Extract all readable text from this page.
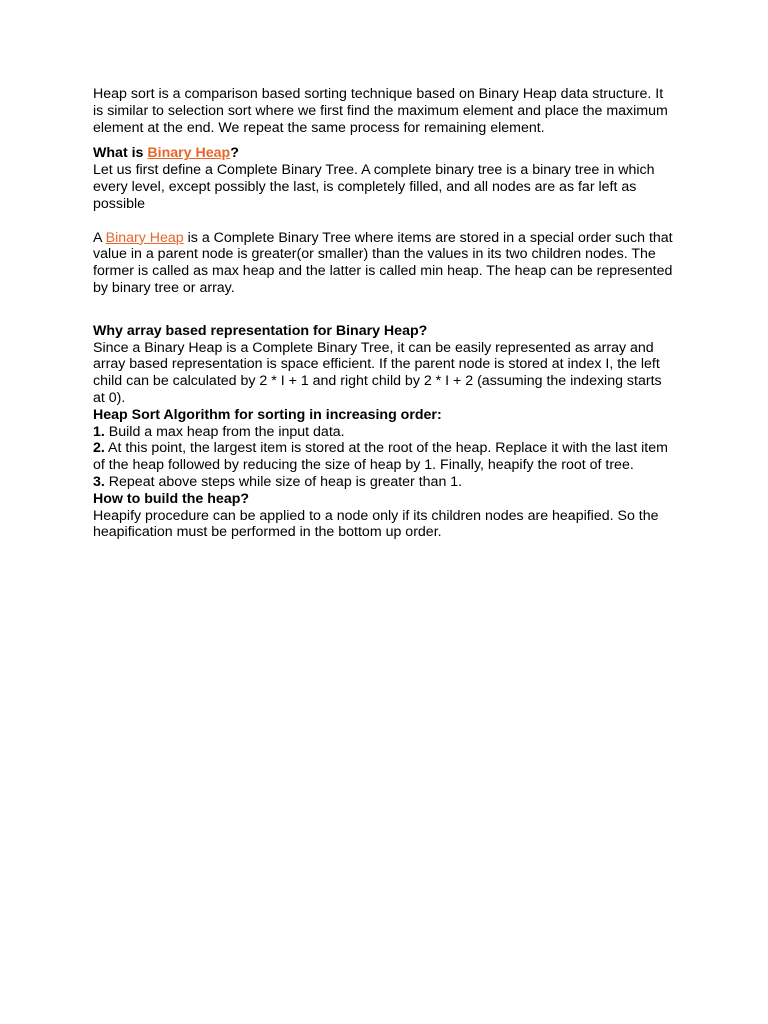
Heap sort is a comparison based sorting technique based on Binary Heap data structure. It is similar to selection sort where we first find the maximum element and place the maximum element at the end. We repeat the same process for remaining element.

What is Binary Heap?

Let us first define a Complete Binary Tree. A complete binary tree is a binary tree in which every level, except possibly the last, is completely filled, and all nodes are as far left as possible

A Binary Heap is a Complete Binary Tree where items are stored in a special order such that value in a parent node is greater(or smaller) than the values in its two children nodes. The former is called as max heap and the latter is called min heap. The heap can be represented by binary tree or array.

Why array based representation for Binary Heap?

Since a Binary Heap is a Complete Binary Tree, it can be easily represented as array and array based representation is space efficient. If the parent node is stored at index I, the left child can be calculated by 2 * I + 1 and right child by 2 * I + 2 (assuming the indexing starts at 0).

Heap Sort Algorithm for sorting in increasing order:

1. Build a max heap from the input data.

2. At this point, the largest item is stored at the root of the heap. Replace it with the last item of the heap followed by reducing the size of heap by 1. Finally, heapify the root of tree.

3. Repeat above steps while size of heap is greater than 1.

How to build the heap?

Heapify procedure can be applied to a node only if its children nodes are heapified. So the heapification must be performed in the bottom up order.
